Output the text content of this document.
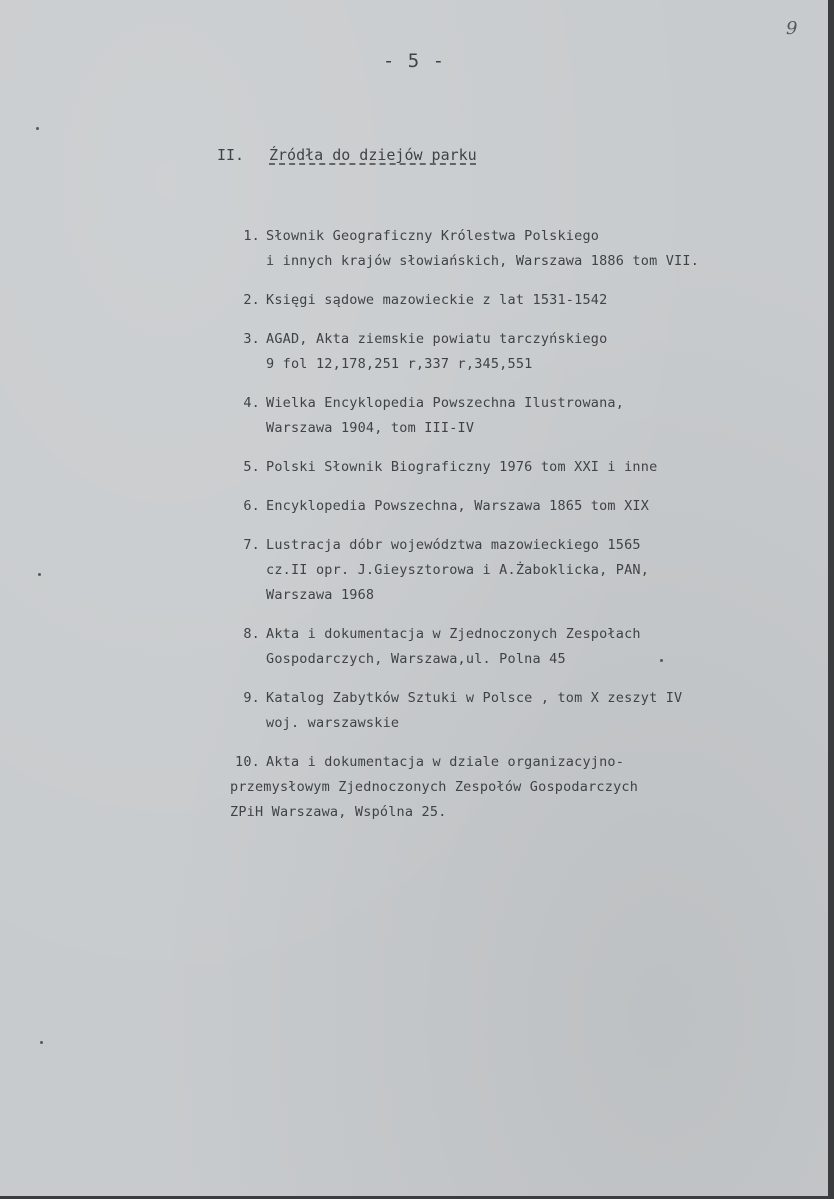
9
- 5 -
II. Źródła do dziejów parku
1. Słownik Geograficzny Królestwa Polskiego
i innych krajów słowiańskich, Warszawa 1886 tom VII.
2. Księgi sądowe mazowieckie z lat 1531-1542
3. AGAD, Akta ziemskie powiatu tarczyńskiego
9 fol 12,178,251 r,337 r,345,551
4. Wielka Encyklopedia Powszechna Ilustrowana,
Warszawa 1904, tom III-IV
5. Polski Słownik Biograficzny 1976 tom XXI i inne
6. Encyklopedia Powszechna, Warszawa 1865 tom XIX
7. Lustracja dóbr województwa mazowieckiego 1565
cz.II opr. J.Gieysztorowa i A.Żaboklicka, PAN,
Warszawa 1968
8. Akta i dokumentacja w Zjednoczonych Zespołach
Gospodarczych, Warszawa,ul. Polna 45
9. Katalog Zabytków Sztuki w Polsce , tom X zeszyt IV
woj. warszawskie
10. Akta i dokumentacja w dziale organizacyjno-
przemysłowym Zjednoczonych Zespołów Gospodarczych
ZPiH Warszawa, Wspólna 25.
